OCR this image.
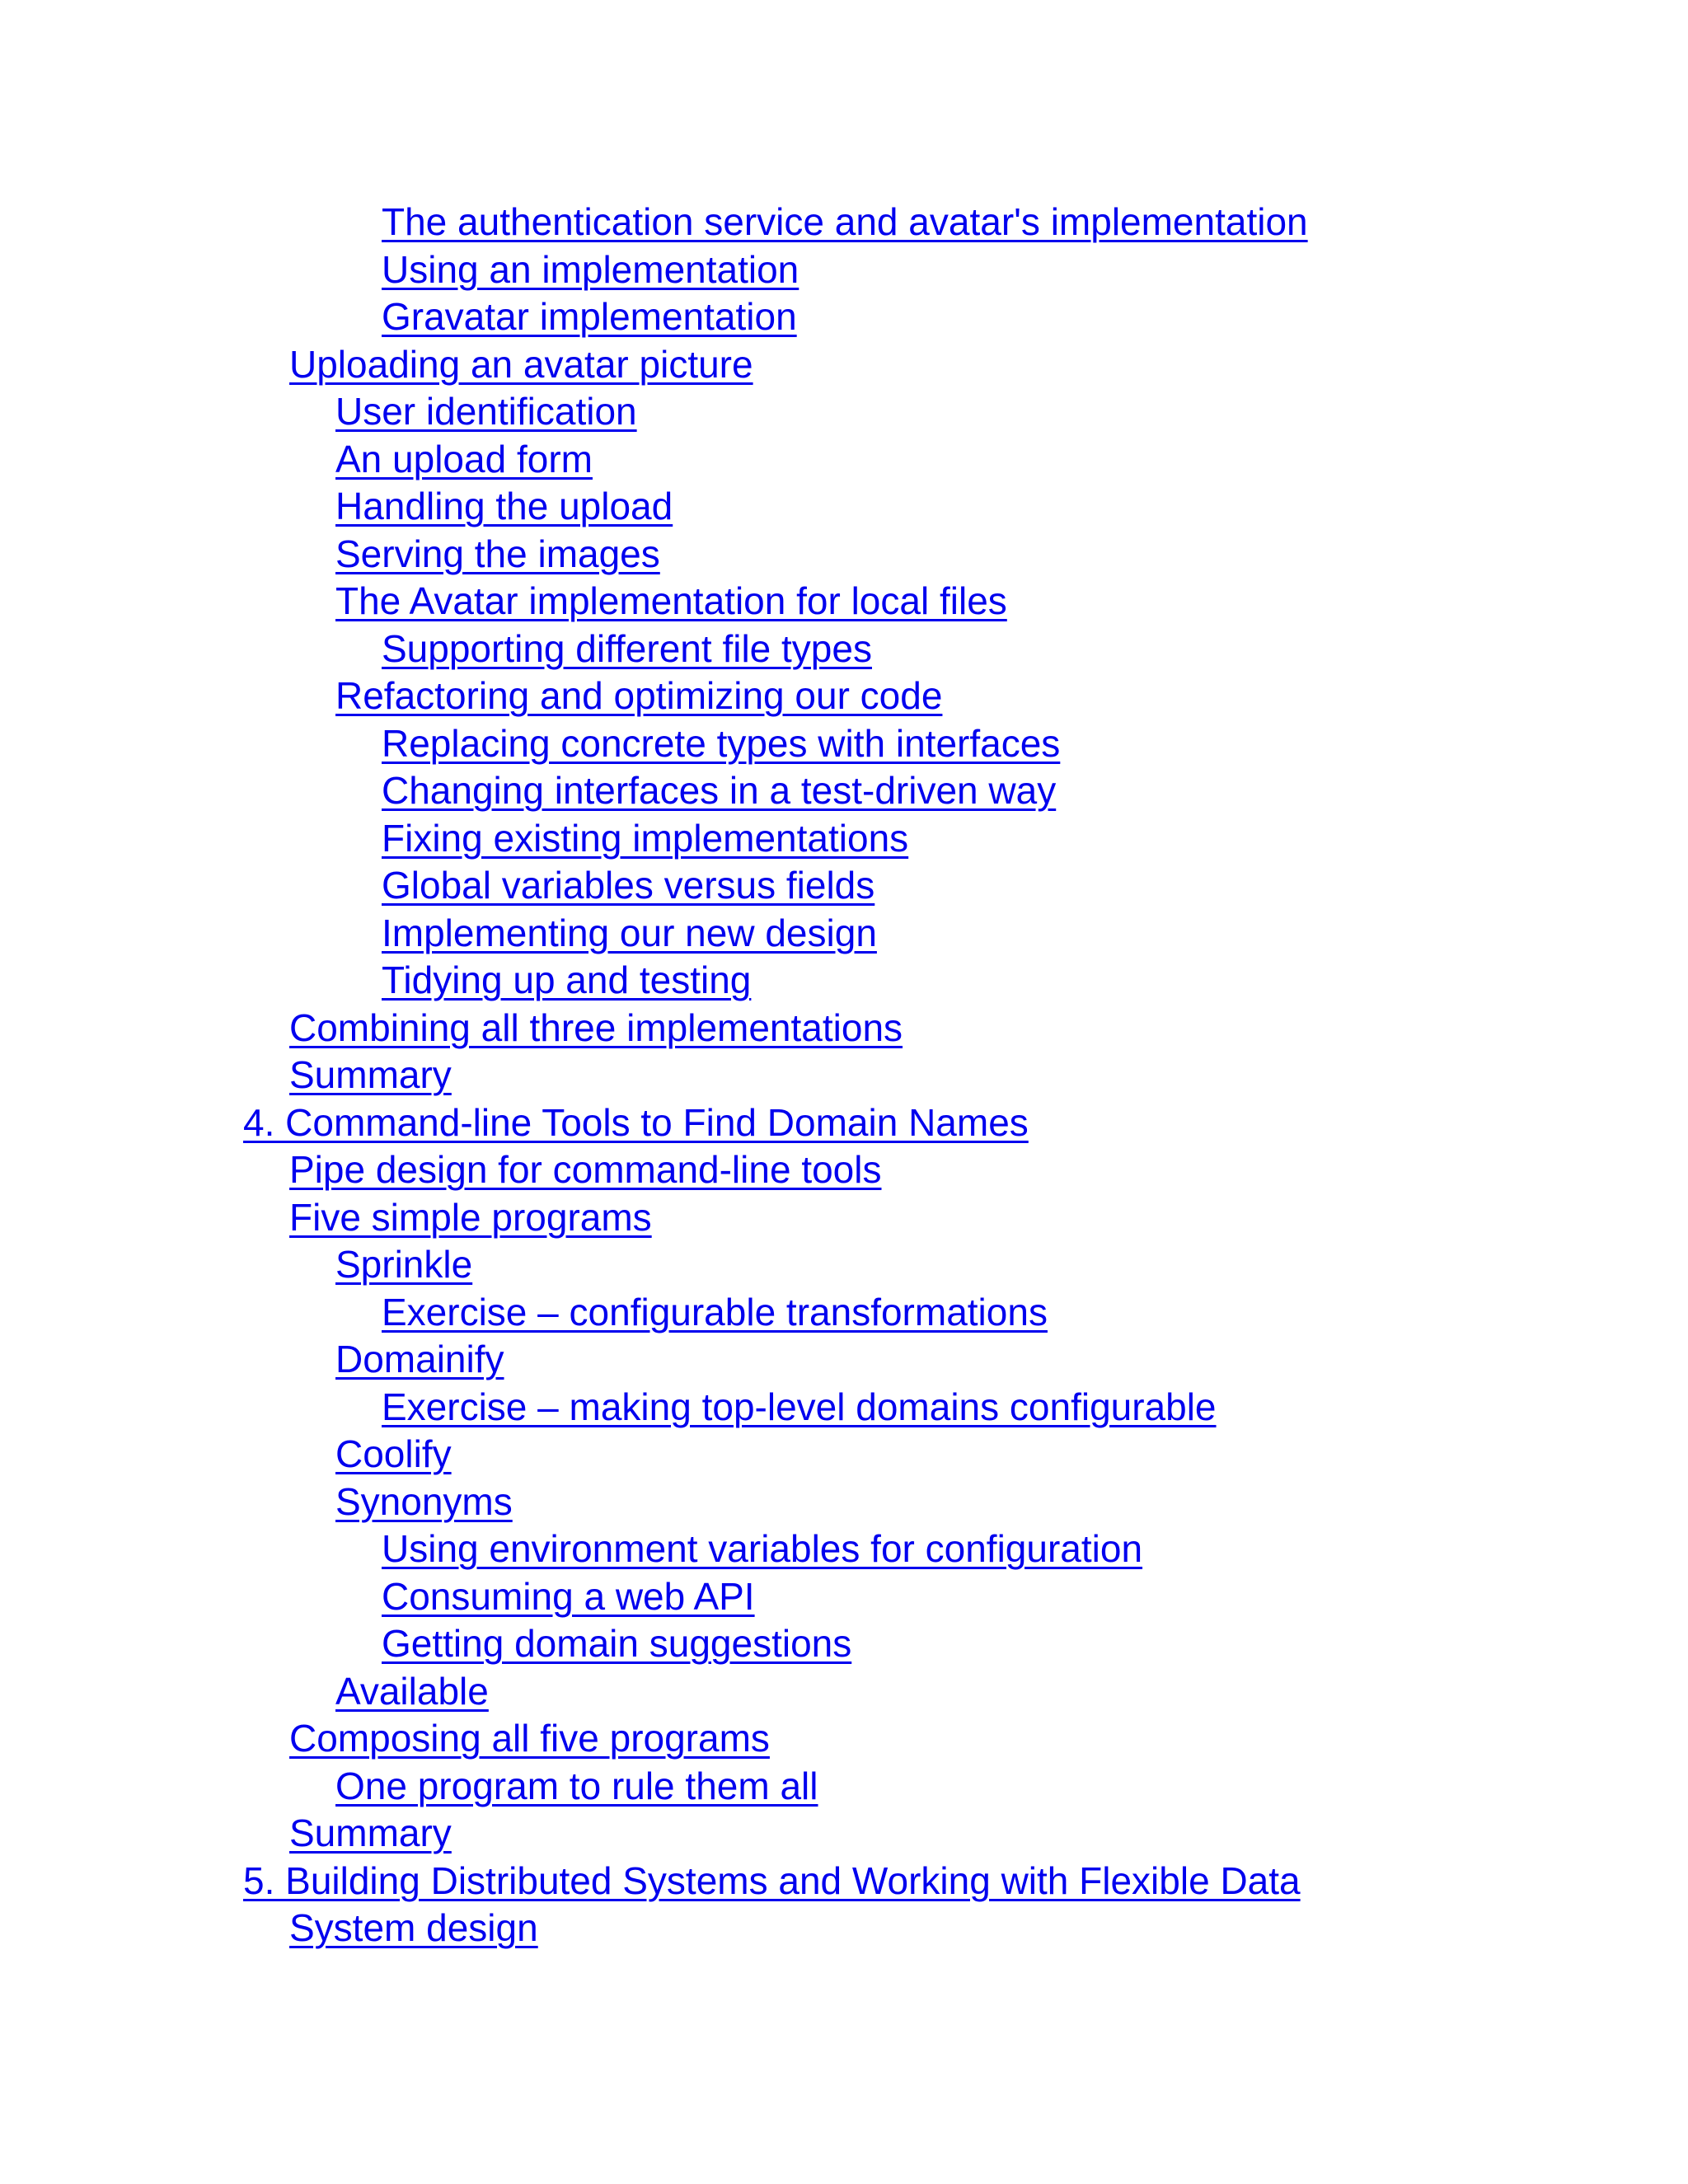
The authentication service and avatar's implementation
Using an implementation
Gravatar implementation
Uploading an avatar picture
User identification
An upload form
Handling the upload
Serving the images
The Avatar implementation for local files
Supporting different file types
Refactoring and optimizing our code
Replacing concrete types with interfaces
Changing interfaces in a test-driven way
Fixing existing implementations
Global variables versus fields
Implementing our new design
Tidying up and testing
Combining all three implementations
Summary
4. Command-line Tools to Find Domain Names
Pipe design for command-line tools
Five simple programs
Sprinkle
Exercise – configurable transformations
Domainify
Exercise – making top-level domains configurable
Coolify
Synonyms
Using environment variables for configuration
Consuming a web API
Getting domain suggestions
Available
Composing all five programs
One program to rule them all
Summary
5. Building Distributed Systems and Working with Flexible Data
System design
